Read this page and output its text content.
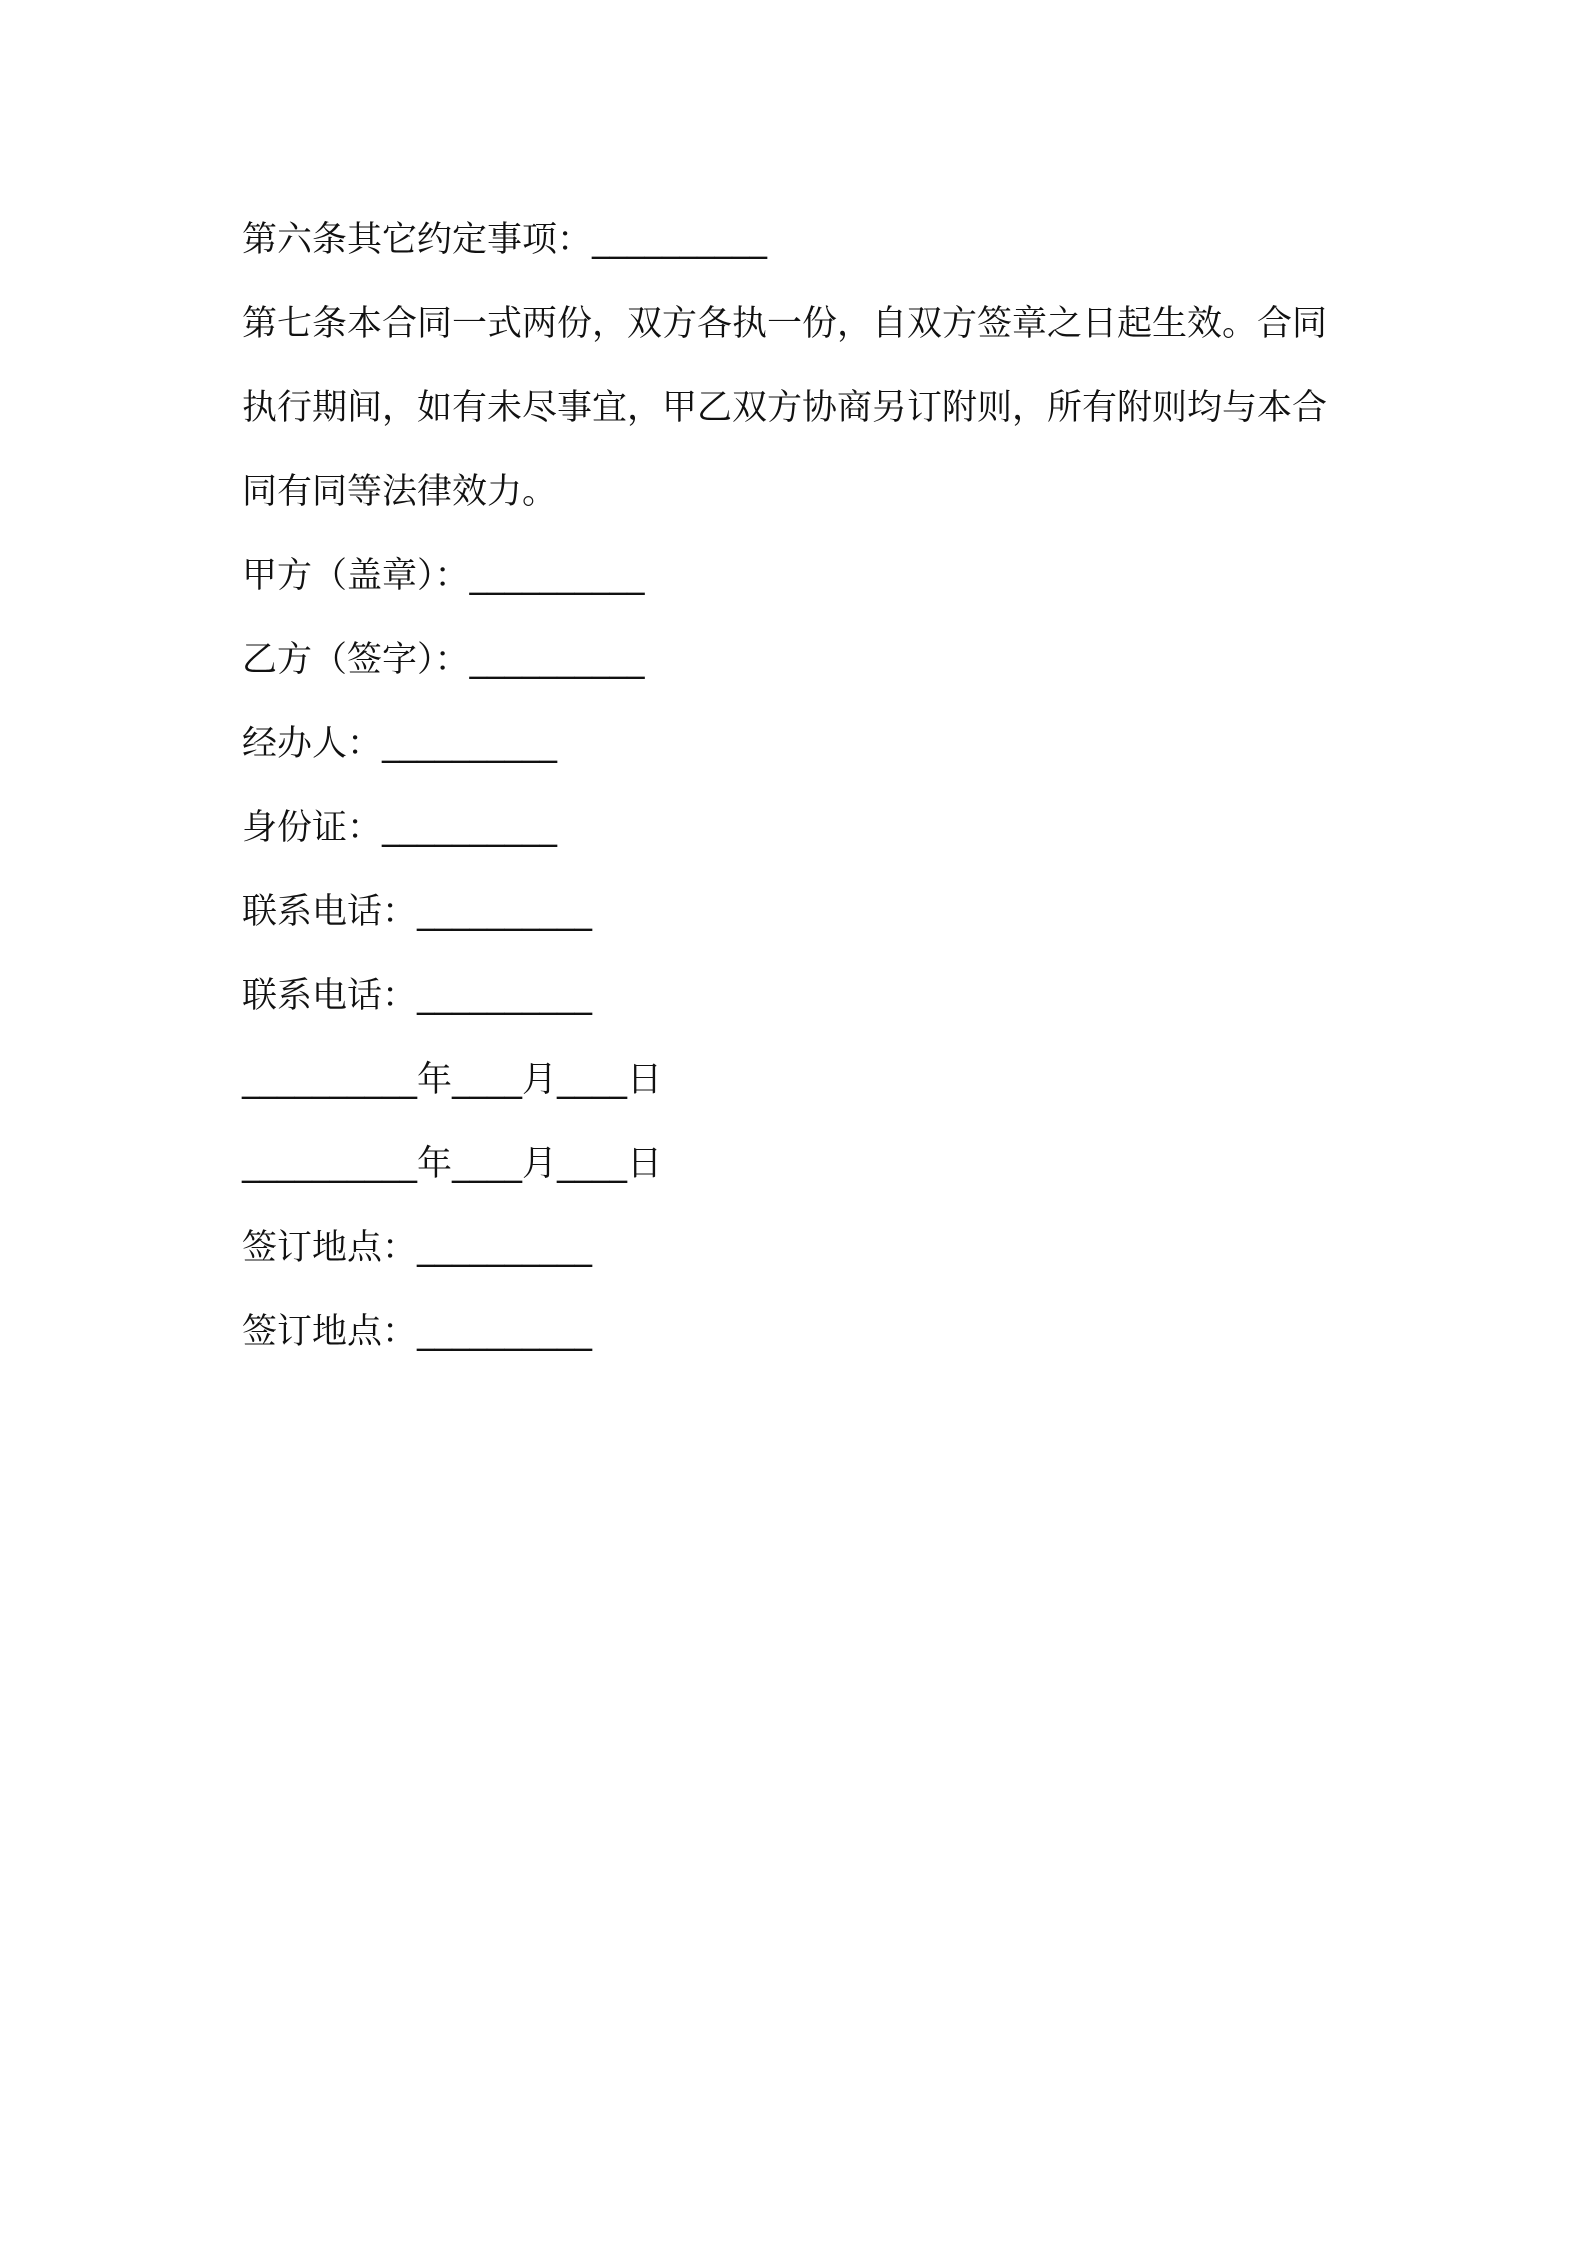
第六条其它约定事项：__________

第七条本合同一式两份，双方各执一份，自双方签章之日起生效。合同执行期间，如有未尽事宜，甲乙双方协商另订附则，所有附则均与本合同有同等法律效力。

甲方（盖章）：__________

乙方（签字）：__________

经办人：__________

身份证：__________

联系电话：__________

联系电话：__________

__________年____月____日

__________年____月____日

签订地点：__________

签订地点：__________
